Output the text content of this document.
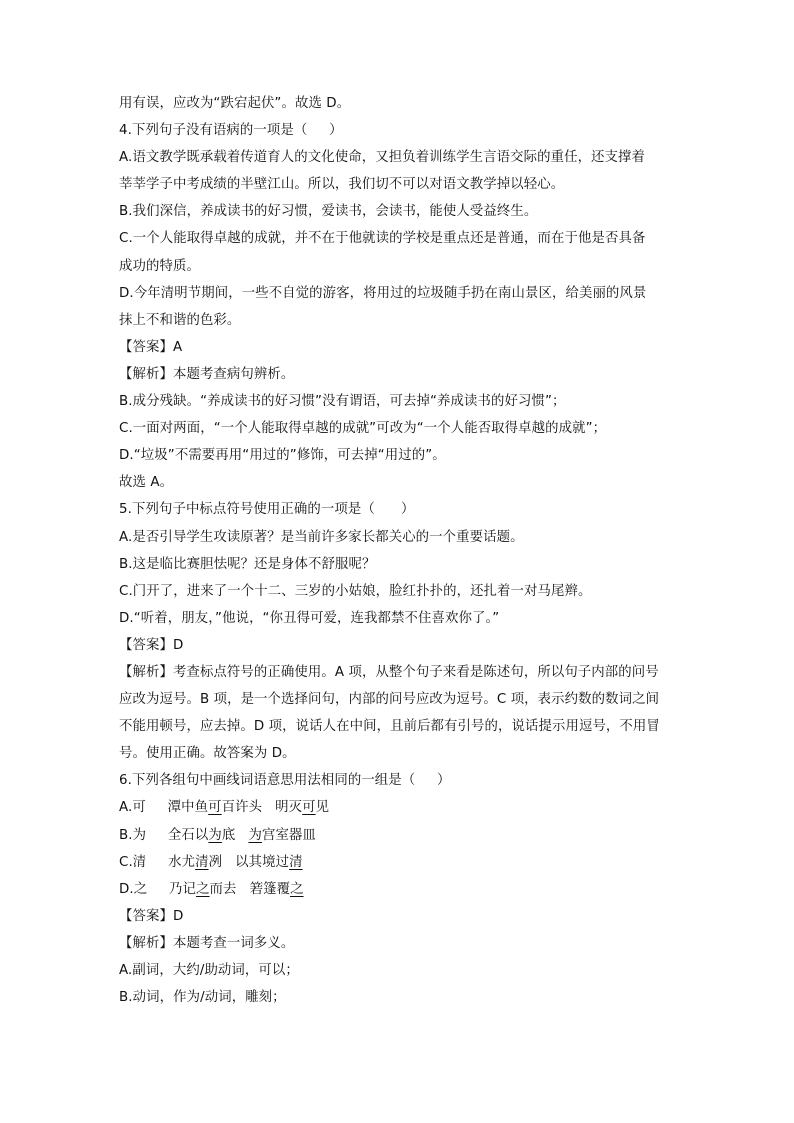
用有误，应改为“跌宕起伏”。故选 D。
4.下列句子没有语病的一项是（     ）
A.语文教学既承载着传道育人的文化使命，又担负着训练学生言语交际的重任，还支撑着
莘莘学子中考成绩的半壁江山。所以，我们切不可以对语文教学掉以轻心。
B.我们深信，养成读书的好习惯，爱读书，会读书，能使人受益终生。
C.一个人能取得卓越的成就，并不在于他就读的学校是重点还是普通，而在于他是否具备
成功的特质。
D.今年清明节期间，一些不自觉的游客，将用过的垃圾随手扔在南山景区，给美丽的风景
抹上不和谐的色彩。
【答案】A
【解析】本题考查病句辨析。
B.成分残缺。“养成读书的好习惯”没有谓语，可去掉“养成读书的好习惯”；
C.一面对两面，“一个人能取得卓越的成就”可改为“一个人能否取得卓越的成就”；
D.“垃圾”不需要再用“用过的”修饰，可去掉“用过的”。
故选 A。
5.下列句子中标点符号使用正确的一项是（      ）
A.是否引导学生攻读原著？是当前许多家长都关心的一个重要话题。
B.这是临比赛胆怯呢？还是身体不舒服呢？
C.门开了，进来了一个十二、三岁的小姑娘，脸红扑扑的，还扎着一对马尾辫。
D.“听着，朋友，”他说，“你丑得可爱，连我都禁不住喜欢你了。”
【答案】D
【解析】考查标点符号的正确使用。A 项，从整个句子来看是陈述句，所以句子内部的问号
应改为逗号。B 项，是一个选择问句，内部的问号应改为逗号。C 项，表示约数的数词之间
不能用顿号，应去掉。D 项，说话人在中间，且前后都有引号的，说话提示用逗号，不用冒
号。使用正确。故答案为 D。
6.下列各组句中画线词语意思用法相同的一组是（     ）
A.可     潭中鱼可百许头   明灭可见
B.为     全石以为底   为宫室器皿
C.清     水尤清冽   以其境过清
D.之     乃记之而去   箬篷覆之
【答案】D
【解析】本题考查一词多义。
A.副词，大约/助动词，可以；
B.动词，作为/动词，雕刻；
